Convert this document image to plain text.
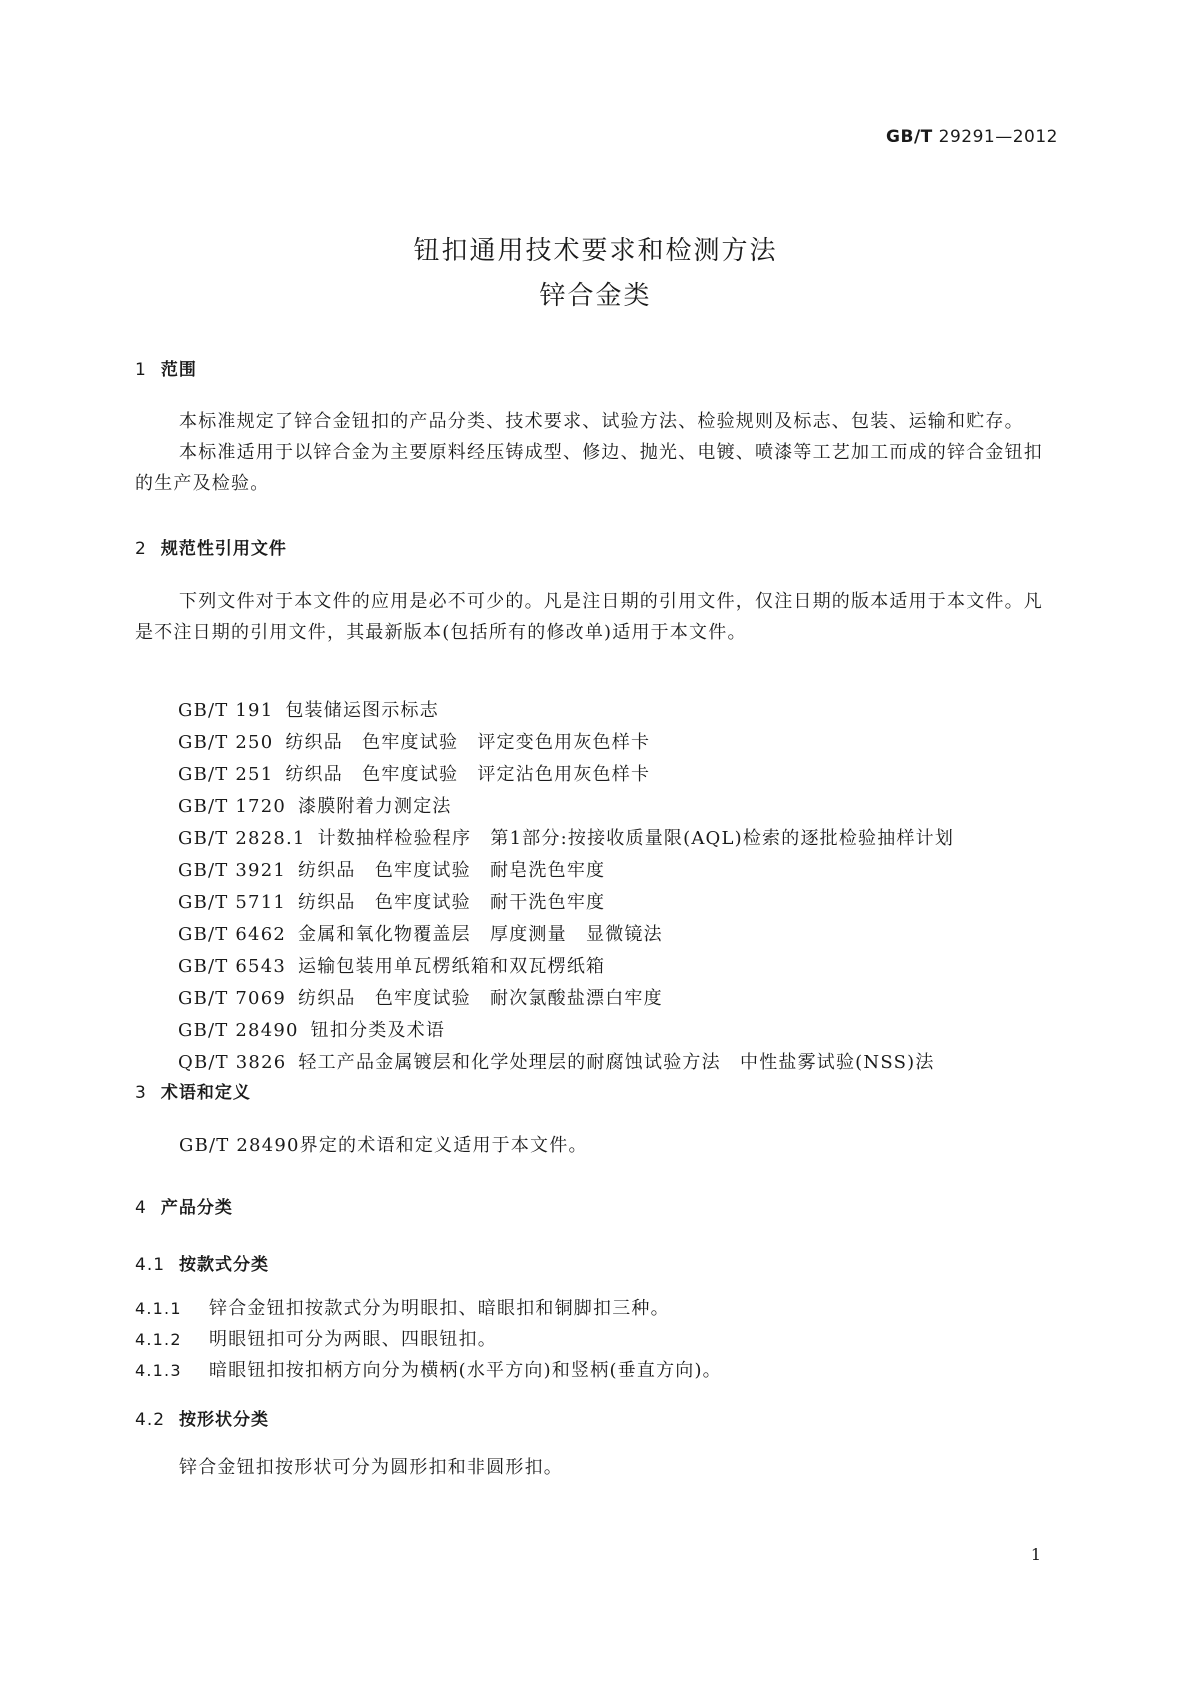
GB/T 29291—2012
钮扣通用技术要求和检测方法
锌合金类
1 范围
本标准规定了锌合金钮扣的产品分类、技术要求、试验方法、检验规则及标志、包装、运输和贮存。
本标准适用于以锌合金为主要原料经压铸成型、修边、抛光、电镀、喷漆等工艺加工而成的锌合金钮扣的生产及检验。
2 规范性引用文件
下列文件对于本文件的应用是必不可少的。凡是注日期的引用文件，仅注日期的版本适用于本文件。凡是不注日期的引用文件，其最新版本(包括所有的修改单)适用于本文件。
GB/T 191 包装储运图示标志
GB/T 250 纺织品　色牢度试验　评定变色用灰色样卡
GB/T 251 纺织品　色牢度试验　评定沾色用灰色样卡
GB/T 1720 漆膜附着力测定法
GB/T 2828.1 计数抽样检验程序　第1部分:按接收质量限(AQL)检索的逐批检验抽样计划
GB/T 3921 纺织品　色牢度试验　耐皂洗色牢度
GB/T 5711 纺织品　色牢度试验　耐干洗色牢度
GB/T 6462 金属和氧化物覆盖层　厚度测量　显微镜法
GB/T 6543 运输包装用单瓦楞纸箱和双瓦楞纸箱
GB/T 7069 纺织品　色牢度试验　耐次氯酸盐漂白牢度
GB/T 28490 钮扣分类及术语
QB/T 3826 轻工产品金属镀层和化学处理层的耐腐蚀试验方法　中性盐雾试验(NSS)法
3 术语和定义
GB/T 28490界定的术语和定义适用于本文件。
4 产品分类
4.1 按款式分类
4.1.1 锌合金钮扣按款式分为明眼扣、暗眼扣和铜脚扣三种。
4.1.2 明眼钮扣可分为两眼、四眼钮扣。
4.1.3 暗眼钮扣按扣柄方向分为横柄(水平方向)和竖柄(垂直方向)。
4.2 按形状分类
锌合金钮扣按形状可分为圆形扣和非圆形扣。
1
